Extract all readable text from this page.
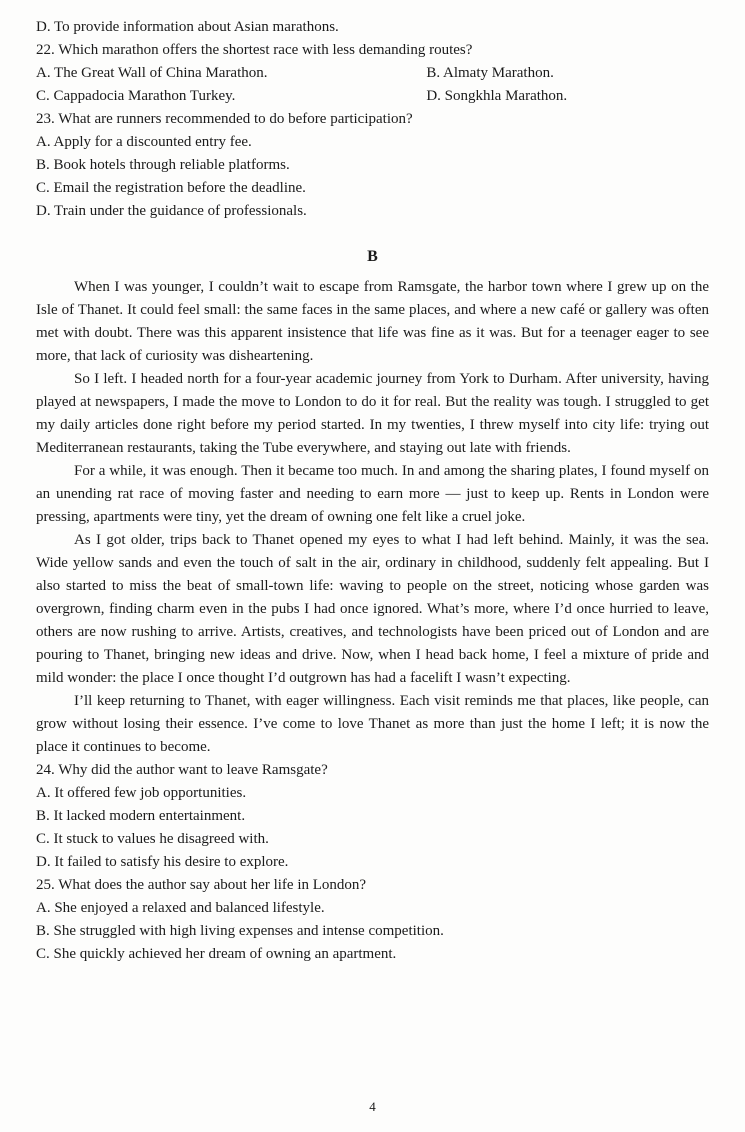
D. To provide information about Asian marathons.
22. Which marathon offers the shortest race with less demanding routes?
A. The Great Wall of China Marathon.	B. Almaty Marathon.
C. Cappadocia Marathon Turkey.	D. Songkhla Marathon.
23. What are runners recommended to do before participation?
A. Apply for a discounted entry fee.
B. Book hotels through reliable platforms.
C. Email the registration before the deadline.
D. Train under the guidance of professionals.
B

When I was younger, I couldn’t wait to escape from Ramsgate, the harbor town where I grew up on the Isle of Thanet. It could feel small: the same faces in the same places, and where a new café or gallery was often met with doubt. There was this apparent insistence that life was fine as it was. But for a teenager eager to see more, that lack of curiosity was disheartening.

So I left. I headed north for a four-year academic journey from York to Durham. After university, having played at newspapers, I made the move to London to do it for real. But the reality was tough. I struggled to get my daily articles done right before my period started. In my twenties, I threw myself into city life: trying out Mediterranean restaurants, taking the Tube everywhere, and staying out late with friends.

For a while, it was enough. Then it became too much. In and among the sharing plates, I found myself on an unending rat race of moving faster and needing to earn more — just to keep up. Rents in London were pressing, apartments were tiny, yet the dream of owning one felt like a cruel joke.

As I got older, trips back to Thanet opened my eyes to what I had left behind. Mainly, it was the sea. Wide yellow sands and even the touch of salt in the air, ordinary in childhood, suddenly felt appealing. But I also started to miss the beat of small-town life: waving to people on the street, noticing whose garden was overgrown, finding charm even in the pubs I had once ignored. What’s more, where I’d once hurried to leave, others are now rushing to arrive. Artists, creatives, and technologists have been priced out of London and are pouring to Thanet, bringing new ideas and drive. Now, when I head back home, I feel a mixture of pride and mild wonder: the place I once thought I’d outgrown has had a facelift I wasn’t expecting.

I’ll keep returning to Thanet, with eager willingness. Each visit reminds me that places, like people, can grow without losing their essence. I’ve come to love Thanet as more than just the home I left; it is now the place it continues to become.

24. Why did the author want to leave Ramsgate?
A. It offered few job opportunities.
B. It lacked modern entertainment.
C. It stuck to values he disagreed with.
D. It failed to satisfy his desire to explore.
25. What does the author say about her life in London?
A. She enjoyed a relaxed and balanced lifestyle.
B. She struggled with high living expenses and intense competition.
C. She quickly achieved her dream of owning an apartment.
4
